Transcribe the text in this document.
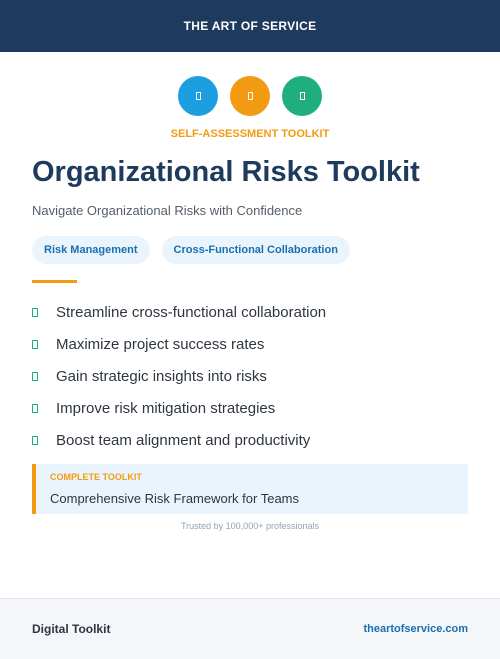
THE ART OF SERVICE
SELF-ASSESSMENT TOOLKIT
Organizational Risks Toolkit
Navigate Organizational Risks with Confidence
Risk Management	Cross-Functional Collaboration
Streamline cross-functional collaboration
Maximize project success rates
Gain strategic insights into risks
Improve risk mitigation strategies
Boost team alignment and productivity
COMPLETE TOOLKIT
Comprehensive Risk Framework for Teams
Trusted by 100,000+ professionals
Digital Toolkit	theartofservice.com
